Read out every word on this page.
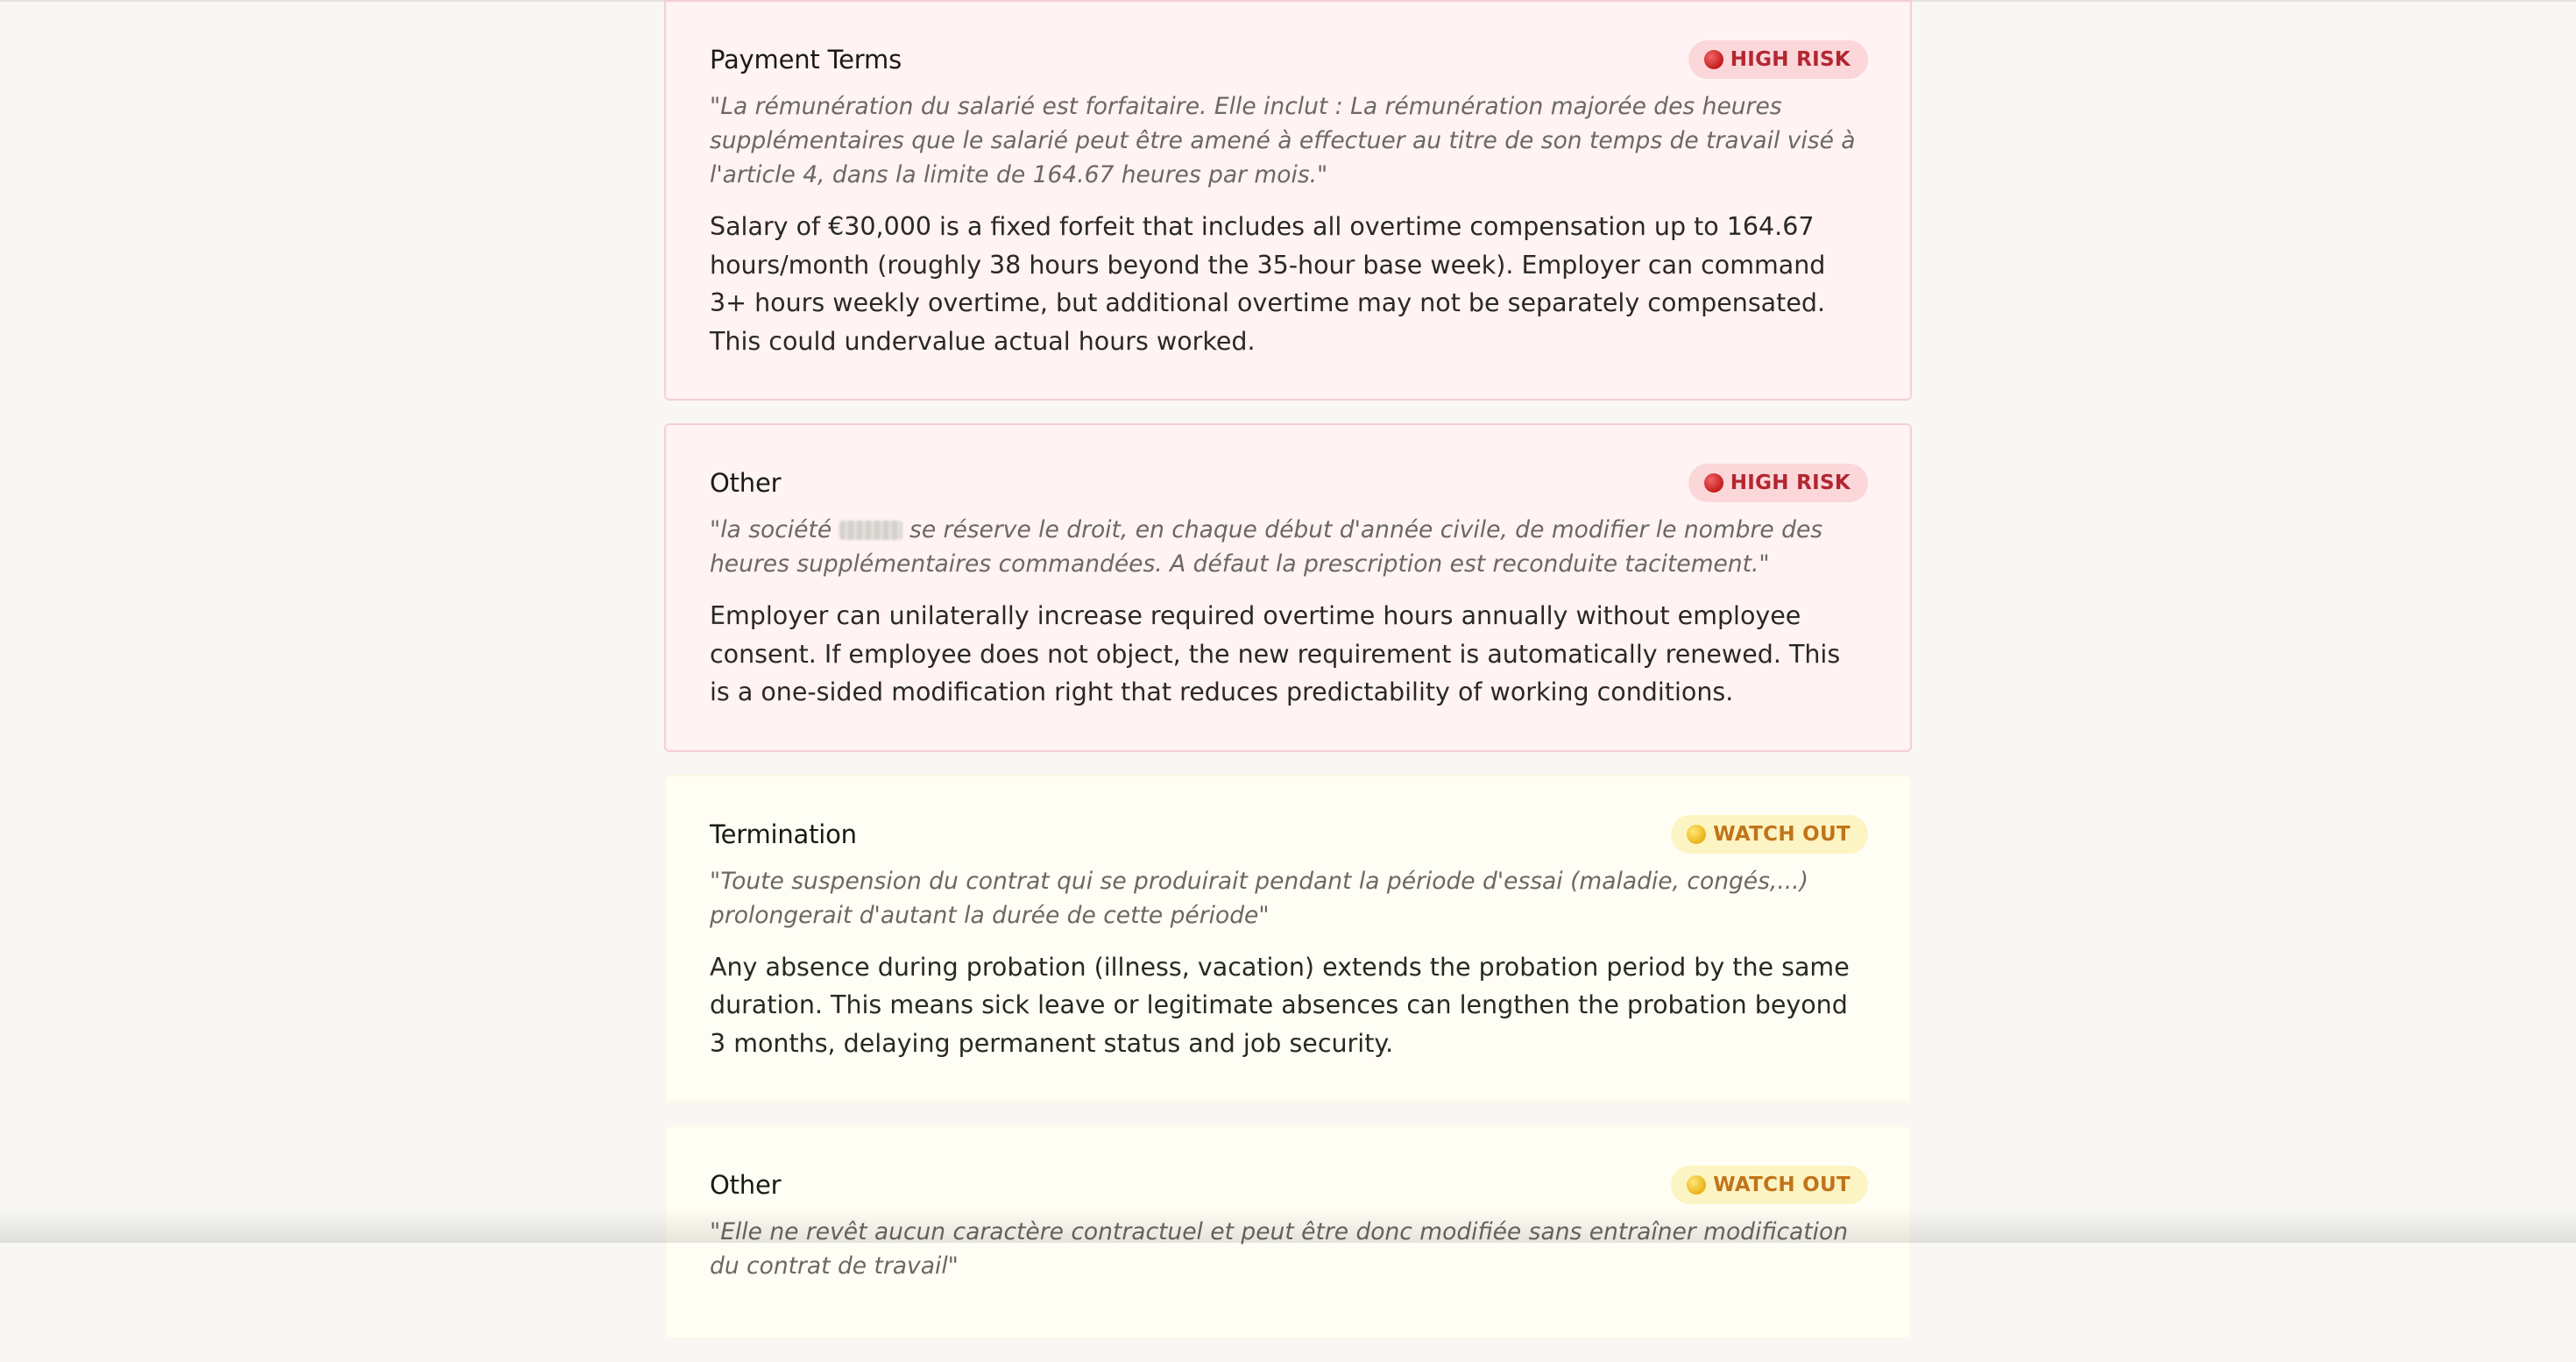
Payment Terms	HIGH RISK

"La rémunération du salarié est forfaitaire. Elle inclut : La rémunération majorée des heures supplémentaires que le salarié peut être amené à effectuer au titre de son temps de travail visé à l'article 4, dans la limite de 164.67 heures par mois."

Salary of €30,000 is a fixed forfeit that includes all overtime compensation up to 164.67 hours/month (roughly 38 hours beyond the 35-hour base week). Employer can command 3+ hours weekly overtime, but additional overtime may not be separately compensated. This could undervalue actual hours worked.

Other	HIGH RISK

"la société	se réserve le droit, en chaque début d'année civile, de modifier le nombre des heures supplémentaires commandées. A défaut la prescription est reconduite tacitement."

Employer can unilaterally increase required overtime hours annually without employee consent. If employee does not object, the new requirement is automatically renewed. This is a one-sided modification right that reduces predictability of working conditions.

Termination	WATCH OUT

"Toute suspension du contrat qui se produirait pendant la période d'essai (maladie, congés,...) prolongerait d'autant la durée de cette période"

Any absence during probation (illness, vacation) extends the probation period by the same duration. This means sick leave or legitimate absences can lengthen the probation beyond 3 months, delaying permanent status and job security.

Other	WATCH OUT

"Elle ne revêt aucun caractère contractuel et peut être donc modifiée sans entraîner modification du contrat de travail"
